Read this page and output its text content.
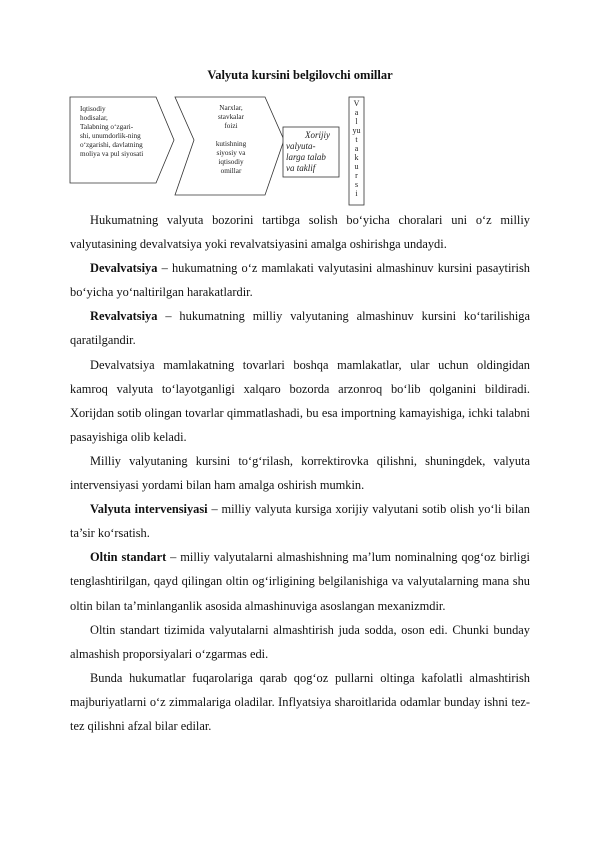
Valyuta kursini belgilovchi omillar
Iqtisodiy
hodisalar,
Talabning o‘zgari-
shi, unumdorlik-ning
o‘zgarishi, davlatning
moliya va pul siyosati
Narxlar,
stavkalar
foizi
kutishning
siyosiy va
iqtisodiy
omillar
Xorijiy
valyuta-
larga talab
va taklif
V
a
l
yu
t
a
k
u
r
s
i

Hukumatning valyuta bozorini tartibga solish bo‘yicha choralari uni o‘z milliy valyutasining devalvatsiya yoki revalvatsiyasini amalga oshirishga undaydi.

Devalvatsiya – hukumatning o‘z mamlakati valyutasini almashinuv kursini pasaytirish bo‘yicha yo‘naltirilgan harakatlardir.

Revalvatsiya – hukumatning milliy valyutaning almashinuv kursini ko‘tarilishiga qaratilgandir.

Devalvatsiya mamlakatning tovarlari boshqa mamlakatlar, ular uchun oldingidan kamroq valyuta to‘layotganligi xalqaro bozorda arzonroq bo‘lib qolganini bildiradi. Xorijdan sotib olingan tovarlar qimmatlashadi, bu esa importning kamayishiga, ichki talabni pasayishiga olib keladi.

Milliy valyutaning kursini to‘g‘rilash, korrektirovka qilishni, shuningdek, valyuta intervensiyasi yordami bilan ham amalga oshirish mumkin.

Valyuta intervensiyasi – milliy valyuta kursiga xorijiy valyutani sotib olish yo‘li bilan ta’sir ko‘rsatish.

Oltin standart – milliy valyutalarni almashishning ma’lum nominalning qog‘oz birligi tenglashtirilgan, qayd qilingan oltin og‘irligining belgilanishiga va valyutalarning mana shu oltin bilan ta’minlanganlik asosida almashinuviga asoslangan mexanizmdir.

Oltin standart tizimida valyutalarni almashtirish juda sodda, oson edi. Chunki bunday almashish proporsiyalari o‘zgarmas edi.

Bunda hukumatlar fuqarolariga qarab qog‘oz pullarni oltinga kafolatli almashtirish majburiyatlarni o‘z zimmalariga oladilar. Inflyatsiya sharoitlarida odamlar bunday ishni tez-tez qilishni afzal bilar edilar.
